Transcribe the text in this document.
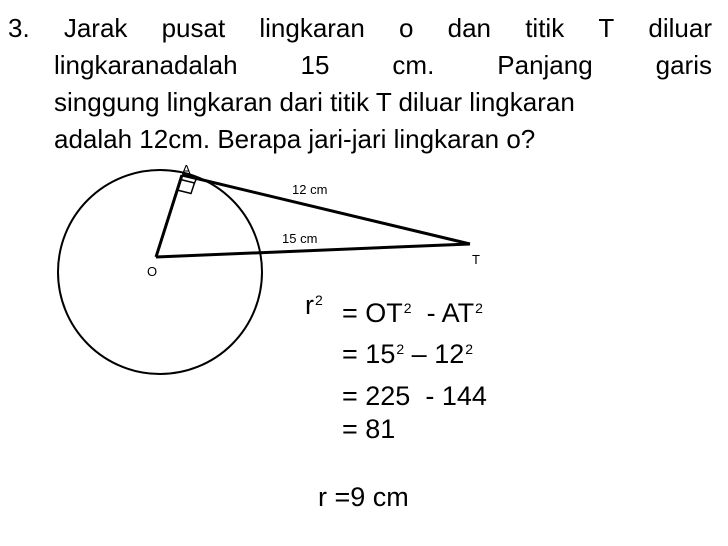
3. Jarak pusat lingkaran o dan titik T diluar
lingkaranadalah 15 cm. Panjang garis
singgung lingkaran dari titik T diluar lingkaran
adalah 12cm. Berapa jari-jari lingkaran o?
A
O
T
12 cm
15 cm
$r^2 = OT^2 - AT^2$
= $15^2 - 12^2$
= 225  - 144
= 81
r =9 cm
